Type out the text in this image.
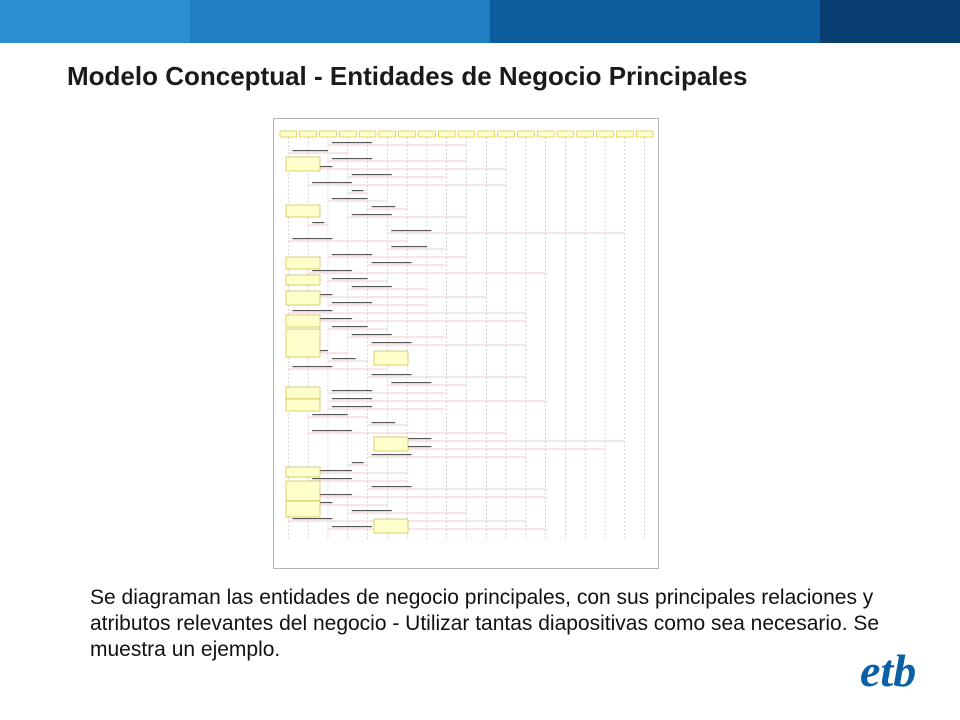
Modelo Conceptual - Entidades de Negocio Principales

Se diagraman las entidades de negocio principales, con sus principales relaciones y atributos relevantes del negocio - Utilizar tantas diapositivas como sea necesario. Se muestra un ejemplo.	etb
